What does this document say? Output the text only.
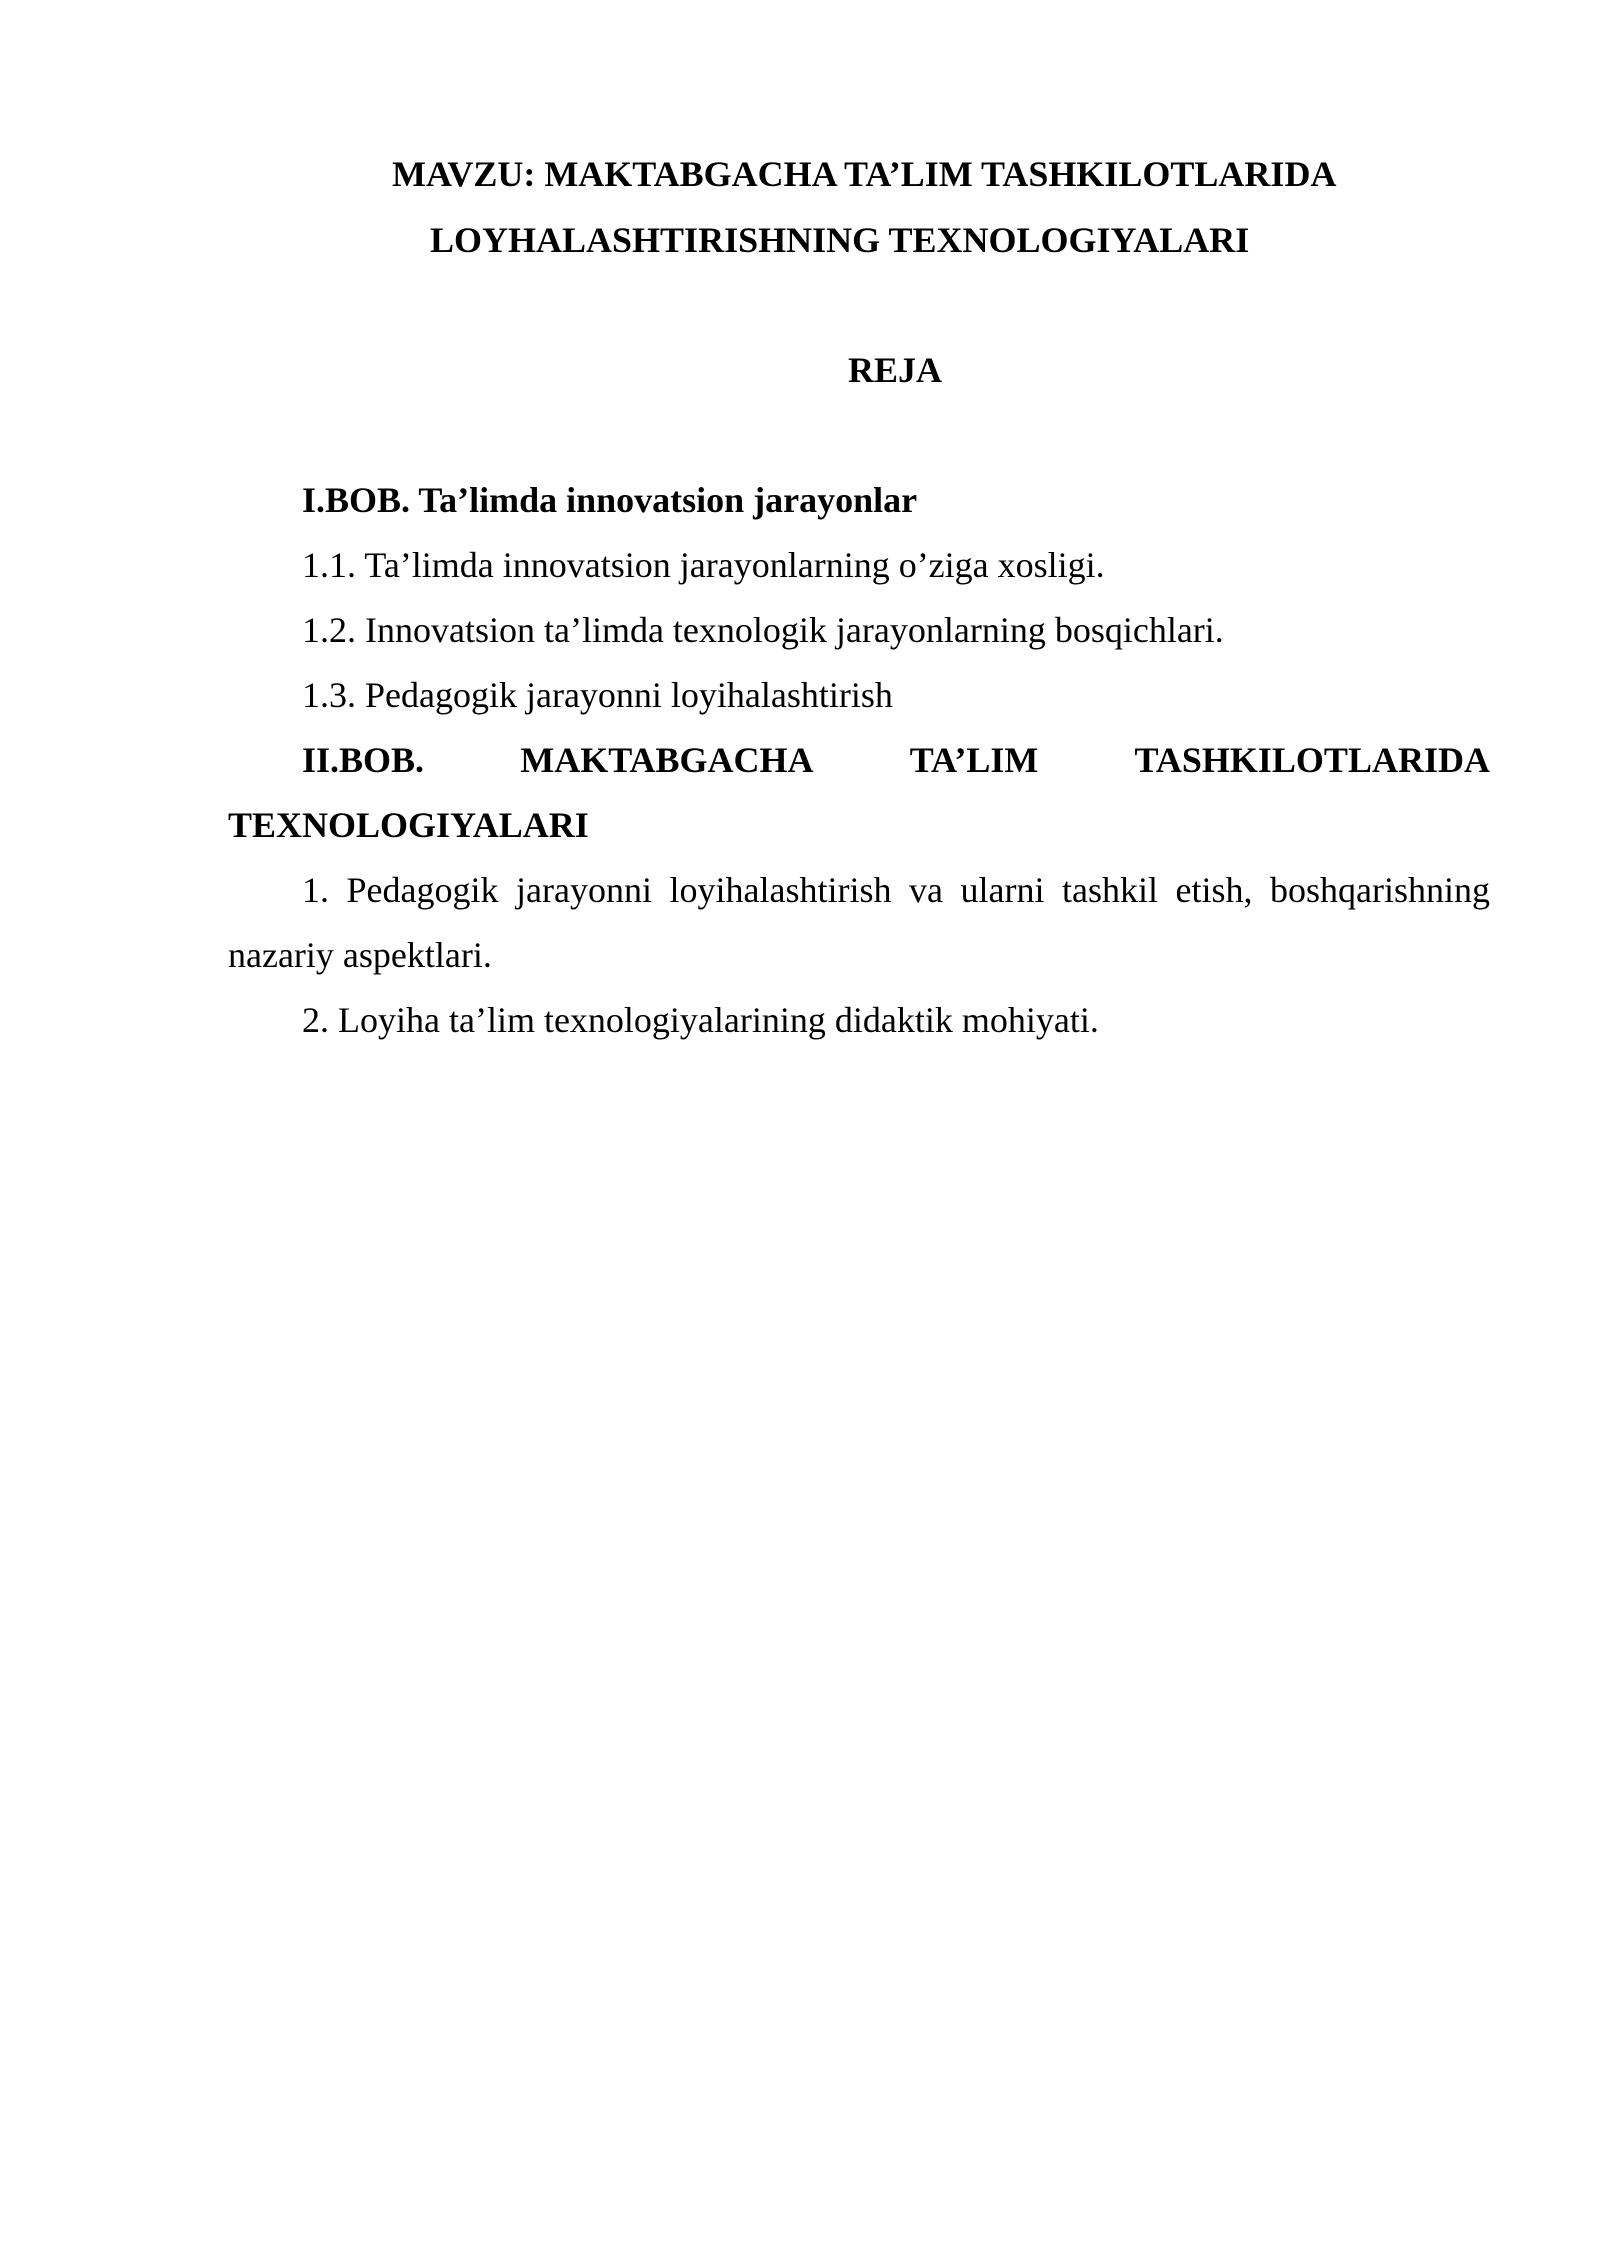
MAVZU: MAKTABGACHA TA’LIM TASHKILOTLARIDA
LOYHALASHTIRISHNING TEXNOLOGIYALARI
REJA
I.BOB. Ta’limda innovatsion jarayonlar
1.1. Ta’limda innovatsion jarayonlarning o’ziga xosligi.
1.2. Innovatsion ta’limda texnologik jarayonlarning bosqichlari.
1.3. Pedagogik jarayonni loyihalashtirish
II.BOB.	MAKTABGACHA	TA’LIM	TASHKILOTLARIDA
TEXNOLOGIYALARI
1. Pedagogik jarayonni loyihalashtirish va ularni tashkil etish, boshqarishning
nazariy aspektlari.
2. Loyiha ta’lim texnologiyalarining didaktik mohiyati.
